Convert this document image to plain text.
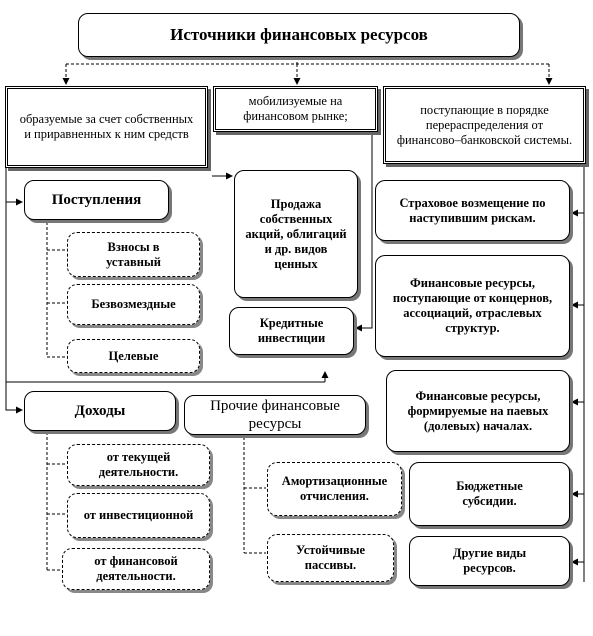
Источники финансовых ресурсов
образуемые за счет собственных и приравненных к ним средств
мобилизуемые на финансовом рынке;	поступающие в порядке перераспределения от финансово–банковской системы.
Поступления
Взносы в уставный
Безвозмездные
Целевые
Продажа собственных акций, облигаций и др. видов ценных
Кредитные инвестиции
Страховое возмещение по наступившим рискам.
Финансовые ресурсы, поступающие от концернов, ассоциаций, отраслевых структур.
Финансовые ресурсы, формируемые на паевых (долевых) началах.
Бюджетные субсидии.
Другие виды ресурсов.
Доходы
от текущей деятельности.
от инвестиционной
от финансовой деятельности.
Прочие финансовые ресурсы
Амортизационные отчисления.
Устойчивые пассивы.
